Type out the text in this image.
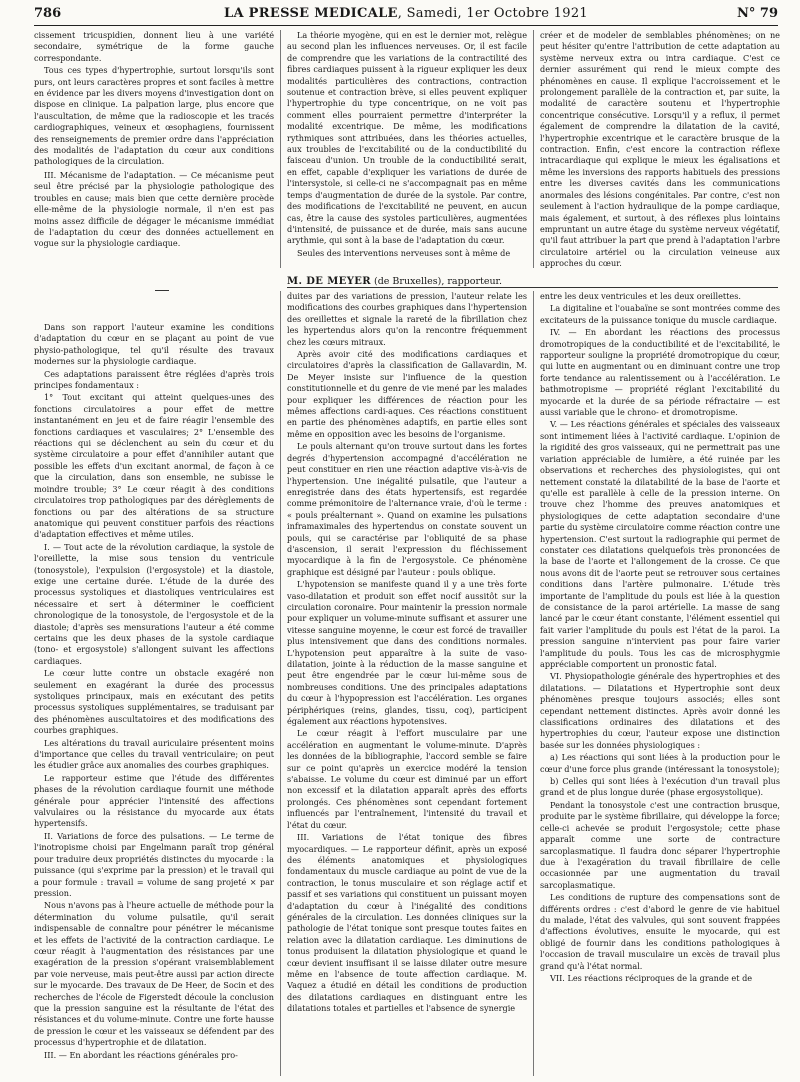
786	LA PRESSE MEDICALE, Samedi, 1er Octobre 1921	N° 79

cissement tricuspidien, donnent lieu à une variété secondaire, symétrique de la forme gauche correspondante.

Tous ces types d'hypertrophie, surtout lorsqu'ils sont purs, ont leurs caractères propres et sont faciles à mettre en évidence par les divers moyens d'investigation dont on dispose en clinique. La palpation large, plus encore que l'auscultation, de même que la radioscopie et les tracés cardiographiques, veineux et œsophagiens, fournissent des renseignements de premier ordre dans l'appréciation des modalités de l'adaptation du cœur aux conditions pathologiques de la circulation.

III. Mécanisme de l'adaptation. — Ce mécanisme peut seul être précisé par la physiologie pathologique des troubles en cause; mais bien que cette dernière procède elle-même de la physiologie normale, il n'en est pas moins assez difficile de dégager le mécanisme immédiat de l'adaptation du cœur des données actuellement en vogue sur la physiologie cardiaque.

La théorie myogène, qui en est le dernier mot, relègue au second plan les influences nerveuses. Or, il est facile de comprendre que les variations de la contractilité des fibres cardiaques puissent à la rigueur expliquer les deux modalités particulières des contractions, contraction soutenue et contraction brève, si elles peuvent expliquer l'hypertrophie du type concentrique, on ne voit pas comment elles pourraient permettre d'interpréter la modalité excentrique. De même, les modifications rythmiques sont attribuées, dans les théories actuelles, aux troubles de l'excitabilité ou de la conductibilité du faisceau d'union. Un trouble de la conductibilité serait, en effet, capable d'expliquer les variations de durée de l'intersystole, si celle-ci ne s'accompagnait pas en même temps d'augmentation de durée de la systole. Par contre, des modifications de l'excitabilité ne peuvent, en aucun cas, être la cause des systoles particulières, augmentées d'intensité, de puissance et de durée, mais sans aucune arythmie, qui sont à la base de l'adaptation du cœur.

Seules des interventions nerveuses sont à même de

créer et de modeler de semblables phénomènes; on ne peut hésiter qu'entre l'attribution de cette adaptation au système nerveux extra ou intra cardiaque. C'est ce dernier assurément qui rend le mieux compte des phénomènes en cause. Il explique l'accroissement et le prolongement parallèle de la contraction et, par suite, la modalité de caractère soutenu et l'hypertrophie concentrique consécutive. Lorsqu'il y a reflux, il permet également de comprendre la dilatation de la cavité, l'hypertrophie excentrique et le caractère brusque de la contraction. Enfin, c'est encore la contraction réflexe intracardiaque qui explique le mieux les égalisations et même les inversions des rapports habituels des pressions entre les diverses cavités dans les communications anormales des lésions congénitales. Par contre, c'est non seulement à l'action hydraulique de la pompe cardiaque, mais également, et surtout, à des réflexes plus lointains empruntant un autre étage du système nerveux végétatif, qu'il faut attribuer la part que prend à l'adaptation l'arbre circulatoire artériel ou la circulation veineuse aux approches du cœur.

M. DE MEYER (de Bruxelles), rapporteur.

Dans son rapport l'auteur examine les conditions d'adaptation du cœur en se plaçant au point de vue physio-pathologique, tel qu'il résulte des travaux modernes sur la physiologie cardiaque.

Ces adaptations paraissent être réglées d'après trois principes fondamentaux :

1° Tout excitant qui atteint quelques-unes des fonctions circulatoires a pour effet de mettre instantanément en jeu et de faire réagir l'ensemble des fonctions cardiaques et vasculaires; 2° L'ensemble des réactions qui se déclenchent au sein du cœur et du système circulatoire a pour effet d'annihiler autant que possible les effets d'un excitant anormal, de façon à ce que la circulation, dans son ensemble, ne subisse le moindre trouble; 3° Le cœur réagit à des conditions circulatoires trop pathologiques par des dérèglements de fonctions ou par des altérations de sa structure anatomique qui peuvent constituer parfois des réactions d'adaptation effectives et même utiles.

I. — Tout acte de la révolution cardiaque, la systole de l'oreillette, la mise sous tension du ventricule (tonosystole), l'expulsion (l'ergosystole) et la diastole, exige une certaine durée. L'étude de la durée des processus systoliques et diastoliques ventriculaires est nécessaire et sert à déterminer le coefficient chronologique de la tonosystole, de l'ergosystole et de la diastole; d'après ses mensurations l'auteur a été comme certains que les deux phases de la systole cardiaque (tono- et ergosystole) s'allongent suivant les affections cardiaques.

Le cœur lutte contre un obstacle exagéré non seulement en exagérant la durée des processus systoliques principaux, mais en exécutant des petits processus systoliques supplémentaires, se traduisant par des phénomènes auscultatoires et des modifications des courbes graphiques.

Les altérations du travail auriculaire présentent moins d'importance que celles du travail ventriculaire; on peut les étudier grâce aux anomalies des courbes graphiques.

Le rapporteur estime que l'étude des différentes phases de la révolution cardiaque fournit une méthode générale pour apprécier l'intensité des affections valvulaires ou la résistance du myocarde aux états hypertensifs.

II. Variations de force des pulsations. — Le terme de l'inotropisme choisi par Engelmann paraît trop général pour traduire deux propriétés distinctes du myocarde : la puissance (qui s'exprime par la pression) et le travail qui a pour formule : travail = volume de sang projeté × par pression.

Nous n'avons pas à l'heure actuelle de méthode pour la détermination du volume pulsatile, qu'il serait indispensable de connaître pour pénétrer le mécanisme et les effets de l'activité de la contraction cardiaque. Le cœur réagit à l'augmentation des résistances par une exagération de la pression s'opérant vraisemblablement par voie nerveuse, mais peut-être aussi par action directe sur le myocarde. Des travaux de De Heer, de Socin et des recherches de l'école de Figerstedt découle la conclusion que la pression sanguine est la résultante de l'état des résistances et du volume-minute. Contre une forte hausse de pression le cœur et les vaisseaux se défendent par des processus d'hypertrophie et de dilatation.

III. — En abordant les réactions générales pro-

duites par des variations de pression, l'auteur relate les modifications des courbes graphiques dans l'hypertension des oreillettes et signale la rareté de la fibrillation chez les hypertendus alors qu'on la rencontre fréquemment chez les cœurs mitraux.

Après avoir cité des modifications cardiaques et circulatoires d'après la classification de Gallavardin, M. De Meyer insiste sur l'influence de la question constitutionnelle et du genre de vie mené par les malades pour expliquer les différences de réaction pour les mêmes affections cardi-aques. Ces réactions constituent en partie des phénomènes adaptifs, en partie elles sont même en opposition avec les besoins de l'organisme.

Le pouls alternant qu'on trouve surtout dans les fortes degrés d'hypertension accompagné d'accélération ne peut constituer en rien une réaction adaptive vis-à-vis de l'hypertension. Une inégalité pulsatile, que l'auteur a enregistrée dans des états hypertensifs, est regardée comme prémonitoire de l'alternance vraie, d'où le terme : « pouls préalternant ». Quand on examine les pulsations inframaximales des hypertendus on constate souvent un pouls, qui se caractérise par l'obliquité de sa phase d'ascension, il serait l'expression du fléchissement myocardique à la fin de l'ergosystole. Ce phénomène graphique est désigné par l'auteur : pouls oblique.

L'hypotension se manifeste quand il y a une très forte vaso-dilatation et produit son effet nocif aussitôt sur la circulation coronaire. Pour maintenir la pression normale pour expliquer un volume-minute suffisant et assurer une vitesse sanguine moyenne, le cœur est forcé de travailler plus intensivement que dans des conditions normales. L'hypotension peut apparaître à la suite de vaso-dilatation, jointe à la réduction de la masse sanguine et peut être engendrée par le cœur lui-même sous de nombreuses conditions. Une des principales adaptations du cœur à l'hypopression est l'accélération. Les organes périphériques (reins, glandes, tissu, coq), participent également aux réactions hypotensives.

Le cœur réagit à l'effort musculaire par une accélération en augmentant le volume-minute. D'après les données de la bibliographie, l'accord semble se faire sur ce point qu'après un exercice modéré la tension s'abaisse. Le volume du cœur est diminué par un effort non excessif et la dilatation apparaît après des efforts prolongés. Ces phénomènes sont cependant fortement influencés par l'entraînement, l'intensité du travail et l'état du cœur.

III. Variations de l'état tonique des fibres myocardiques. — Le rapporteur définit, après un exposé des éléments anatomiques et physiologiques fondamentaux du muscle cardiaque au point de vue de la contraction, le tonus musculaire et son réglage actif et passif et ses variations qui constituent un puissant moyen d'adaptation du cœur à l'inégalité des conditions générales de la circulation. Les données cliniques sur la pathologie de l'état tonique sont presque toutes faites en relation avec la dilatation cardiaque. Les diminutions de tonus produisent la dilatation physiologique et quand le cœur devient insuffisant il se laisse dilater outre mesure même en l'absence de toute affection cardiaque. M. Vaquez a étudié en détail les conditions de production des dilatations cardiaques en distinguant entre les dilatations totales et partielles et l'absence de synergie

entre les deux ventricules et les deux oreillettes.

La digitaline et l'ouabaïne se sont montrées comme des excitateurs de la puissance tonique du muscle cardiaque.

IV. — En abordant les réactions des processus dromotropiques de la conductibilité et de l'excitabilité, le rapporteur souligne la propriété dromotropique du cœur, qui lutte en augmentant ou en diminuant contre une trop forte tendance au ralentissement ou à l'accélération. Le bathmotropisme — propriété réglant l'excitabilité du myocarde et la durée de sa période réfractaire — est aussi variable que le chrono- et dromotropisme.

V. — Les réactions générales et spéciales des vaisseaux sont intimement liées à l'activité cardiaque. L'opinion de la rigidité des gros vaisseaux, qui ne permettrait pas une variation appréciable de lumière, a été ruinée par les observations et recherches des physiologistes, qui ont nettement constaté la dilatabilité de la base de l'aorte et qu'elle est parallèle à celle de la pression interne. On trouve chez l'homme des preuves anatomiques et physiologiques de cette adaptation secondaire d'une partie du système circulatoire comme réaction contre une hypertension. C'est surtout la radiographie qui permet de constater ces dilatations quelquefois très prononcées de la base de l'aorte et l'allongement de la crosse. Ce que nous avons dit de l'aorte peut se retrouver sous certaines conditions dans l'artère pulmonaire. L'étude très importante de l'amplitude du pouls est liée à la question de consistance de la paroi artérielle. La masse de sang lancé par le cœur étant constante, l'élément essentiel qui fait varier l'amplitude du pouls est l'état de la paroi. La pression sanguine n'intervient pas pour faire varier l'amplitude du pouls. Tous les cas de microsphygmie appréciable comportent un pronostic fatal.

VI. Physiopathologie générale des hypertrophies et des dilatations. — Dilatations et Hypertrophie sont deux phénomènes presque toujours associés; elles sont cependant nettement distinctes. Après avoir donné les classifications ordinaires des dilatations et des hypertrophies du cœur, l'auteur expose une distinction basée sur les données physiologiques :

a) Les réactions qui sont liées à la production pour le cœur d'une force plus grande (intéressant la tonosystole);

b) Celles qui sont liées à l'exécution d'un travail plus grand et de plus longue durée (phase ergosystolique).

Pendant la tonosystole c'est une contraction brusque, produite par le système fibrillaire, qui développe la force; celle-ci achevée se produit l'ergosystole; cette phase apparaît comme une sorte de contracture sarcoplasmatique. Il faudra donc séparer l'hypertrophie due à l'exagération du travail fibrillaire de celle occasionnée par une augmentation du travail sarcoplasmatique.

Les conditions de rupture des compensations sont de différents ordres : c'est d'abord le genre de vie habituel du malade, l'état des valvules, qui sont souvent frappées d'affections évolutives, ensuite le myocarde, qui est obligé de fournir dans les conditions pathologiques à l'occasion de travail musculaire un excès de travail plus grand qu'à l'état normal.

VII. Les réactions réciproques de la grande et de
